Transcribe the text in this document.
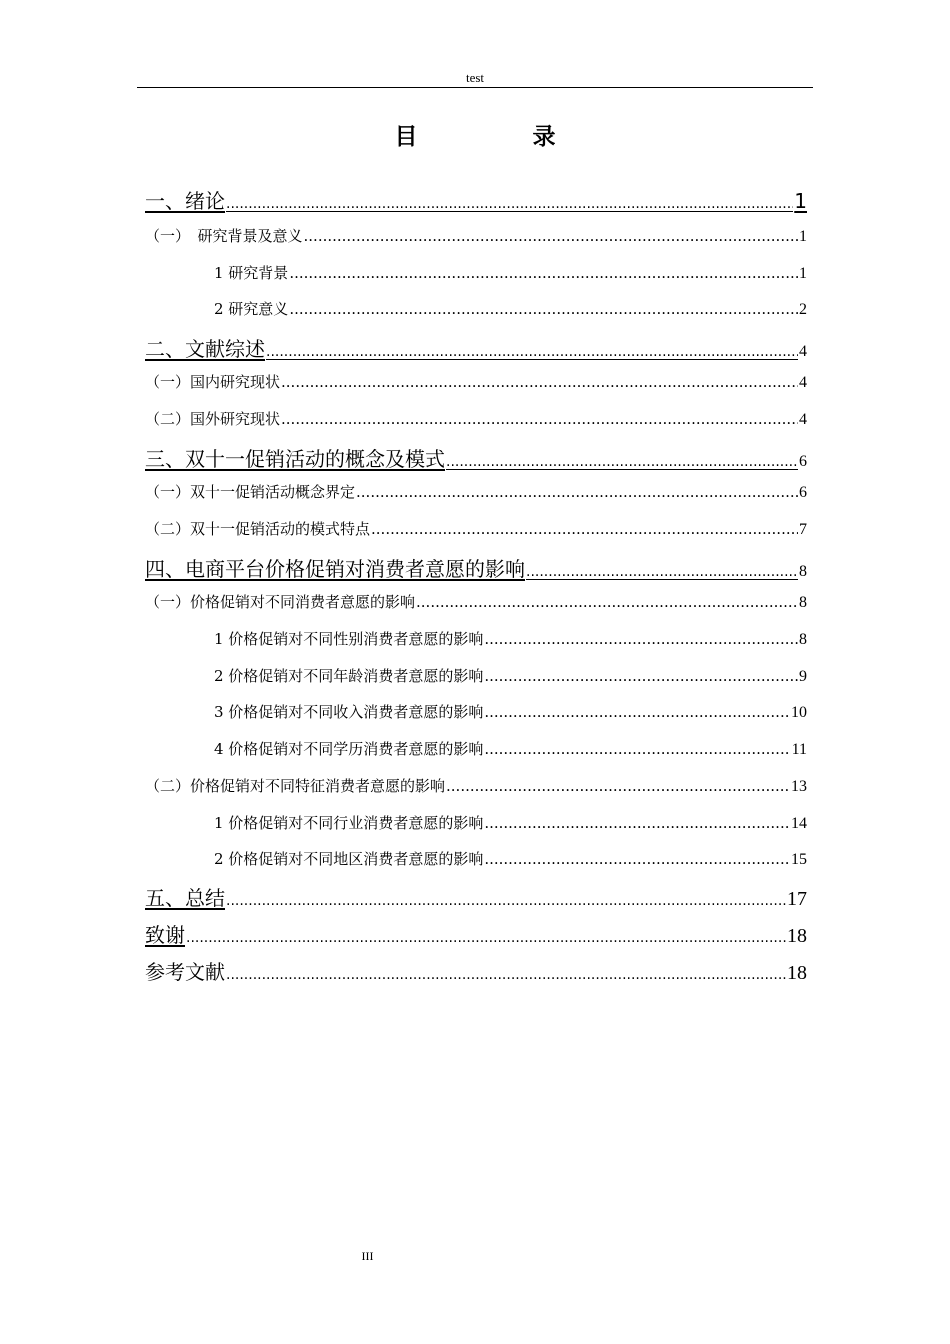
test
目　录
一、绪论 .....	1
（一）　研究背景及意义 .....	1
1 研究背景 .....	1
2 研究意义 .....	2
二、文献综述 .....	4
（一）国内研究现状 .....	4
（二）国外研究现状 .....	4
三、双十一促销活动的概念及模式 .....	6
（一）双十一促销活动概念界定 .....	6
（二）双十一促销活动的模式特点 .....	7
四、电商平台价格促销对消费者意愿的影响 .....	8
（一）价格促销对不同消费者意愿的影响 .....	8
1 价格促销对不同性别消费者意愿的影响 .....	8
2 价格促销对不同年龄消费者意愿的影响 .....	9
3 价格促销对不同收入消费者意愿的影响 .....	10
4 价格促销对不同学历消费者意愿的影响 .....	11
（二）价格促销对不同特征消费者意愿的影响 .....	13
1 价格促销对不同行业消费者意愿的影响 .....	14
2 价格促销对不同地区消费者意愿的影响 .....	15
五、总结 .....	17
致谢 .....	18
参考文献 .....	18
III
